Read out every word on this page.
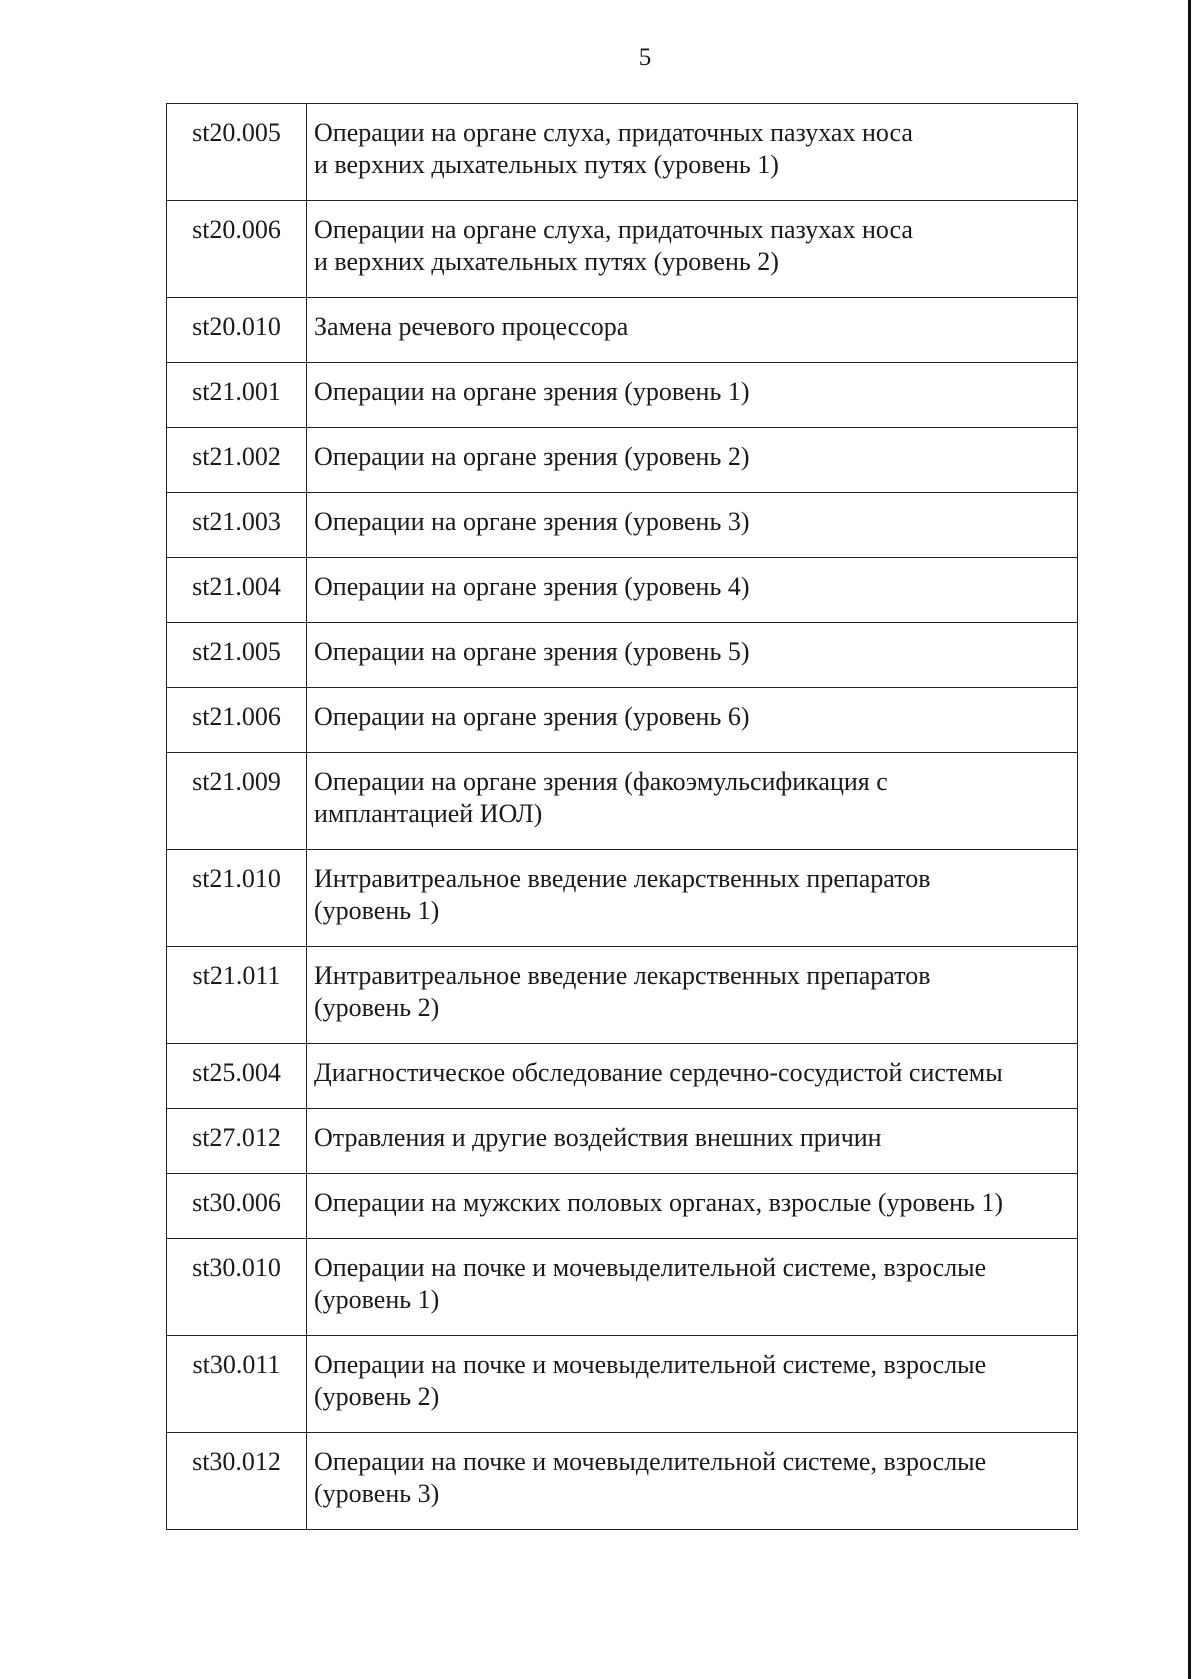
5
st20.005	Операции на органе слуха, придаточных пазухах носа
и верхних дыхательных путях (уровень 1)
st20.006	Операции на органе слуха, придаточных пазухах носа
и верхних дыхательных путях (уровень 2)
st20.010	Замена речевого процессора
st21.001	Операции на органе зрения (уровень 1)
st21.002	Операции на органе зрения (уровень 2)
st21.003	Операции на органе зрения (уровень 3)
st21.004	Операции на органе зрения (уровень 4)
st21.005	Операции на органе зрения (уровень 5)
st21.006	Операции на органе зрения (уровень 6)
st21.009	Операции на органе зрения (факоэмульсификация с
имплантацией ИОЛ)
st21.010	Интравитреальное введение лекарственных препаратов
(уровень 1)
st21.011	Интравитреальное введение лекарственных препаратов
(уровень 2)
st25.004	Диагностическое обследование сердечно-сосудистой системы
st27.012	Отравления и другие воздействия внешних причин
st30.006	Операции на мужских половых органах, взрослые (уровень 1)
st30.010	Операции на почке и мочевыделительной системе, взрослые
(уровень 1)
st30.011	Операции на почке и мочевыделительной системе, взрослые
(уровень 2)
st30.012	Операции на почке и мочевыделительной системе, взрослые
(уровень 3)
